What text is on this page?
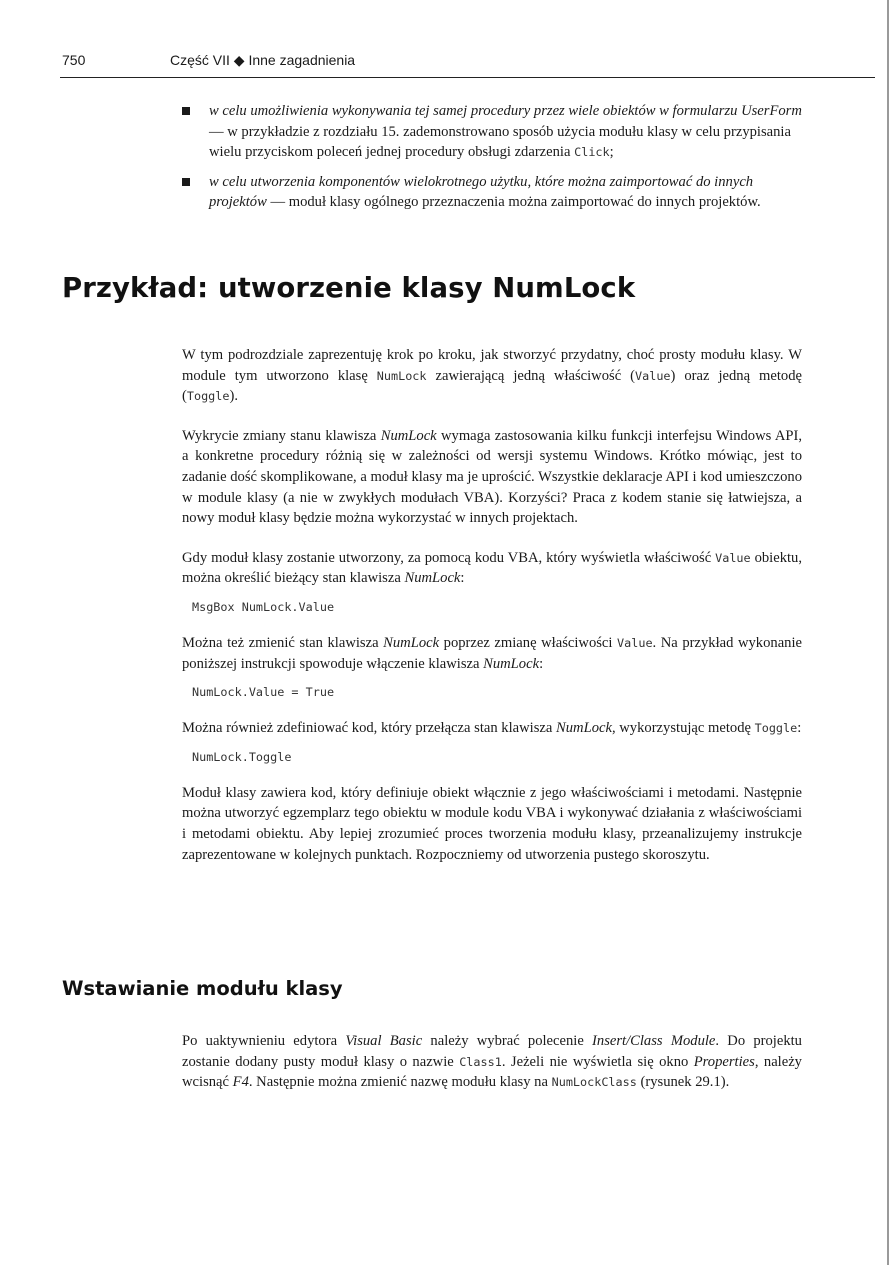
750	Część VII ◆ Inne zagadnienia
w celu umożliwienia wykonywania tej samej procedury przez wiele obiektów w formularzu UserForm — w przykładzie z rozdziału 15. zademonstrowano sposób użycia modułu klasy w celu przypisania wielu przyciskom poleceń jednej procedury obsługi zdarzenia Click;
w celu utworzenia komponentów wielokrotnego użytku, które można zaimportować do innych projektów — moduł klasy ogólnego przeznaczenia można zaimportować do innych projektów.
Przykład: utworzenie klasy NumLock

W tym podrozdziale zaprezentuję krok po kroku, jak stworzyć przydatny, choć prosty modułu klasy. W module tym utworzono klasę NumLock zawierającą jedną właściwość (Value) oraz jedną metodę (Toggle).

Wykrycie zmiany stanu klawisza NumLock wymaga zastosowania kilku funkcji interfejsu Windows API, a konkretne procedury różnią się w zależności od wersji systemu Windows. Krótko mówiąc, jest to zadanie dość skomplikowane, a moduł klasy ma je uprościć. Wszystkie deklaracje API i kod umieszczono w module klasy (a nie w zwykłych modułach VBA). Korzyści? Praca z kodem stanie się łatwiejsza, a nowy moduł klasy będzie można wykorzystać w innych projektach.

Gdy moduł klasy zostanie utworzony, za pomocą kodu VBA, który wyświetla właściwość Value obiektu, można określić bieżący stan klawisza NumLock:

MsgBox NumLock.Value

Można też zmienić stan klawisza NumLock poprzez zmianę właściwości Value. Na przykład wykonanie poniższej instrukcji spowoduje włączenie klawisza NumLock:

NumLock.Value = True

Można również zdefiniować kod, który przełącza stan klawisza NumLock, wykorzystując metodę Toggle:

NumLock.Toggle

Moduł klasy zawiera kod, który definiuje obiekt włącznie z jego właściwościami i metodami. Następnie można utworzyć egzemplarz tego obiektu w module kodu VBA i wykonywać działania z właściwościami i metodami obiektu. Aby lepiej zrozumieć proces tworzenia modułu klasy, przeanalizujemy instrukcje zaprezentowane w kolejnych punktach. Rozpoczniemy od utworzenia pustego skoroszytu.

Wstawianie modułu klasy

Po uaktywnieniu edytora Visual Basic należy wybrać polecenie Insert/Class Module. Do projektu zostanie dodany pusty moduł klasy o nazwie Class1. Jeżeli nie wyświetla się okno Properties, należy wcisnąć F4. Następnie można zmienić nazwę modułu klasy na NumLockClass (rysunek 29.1).
